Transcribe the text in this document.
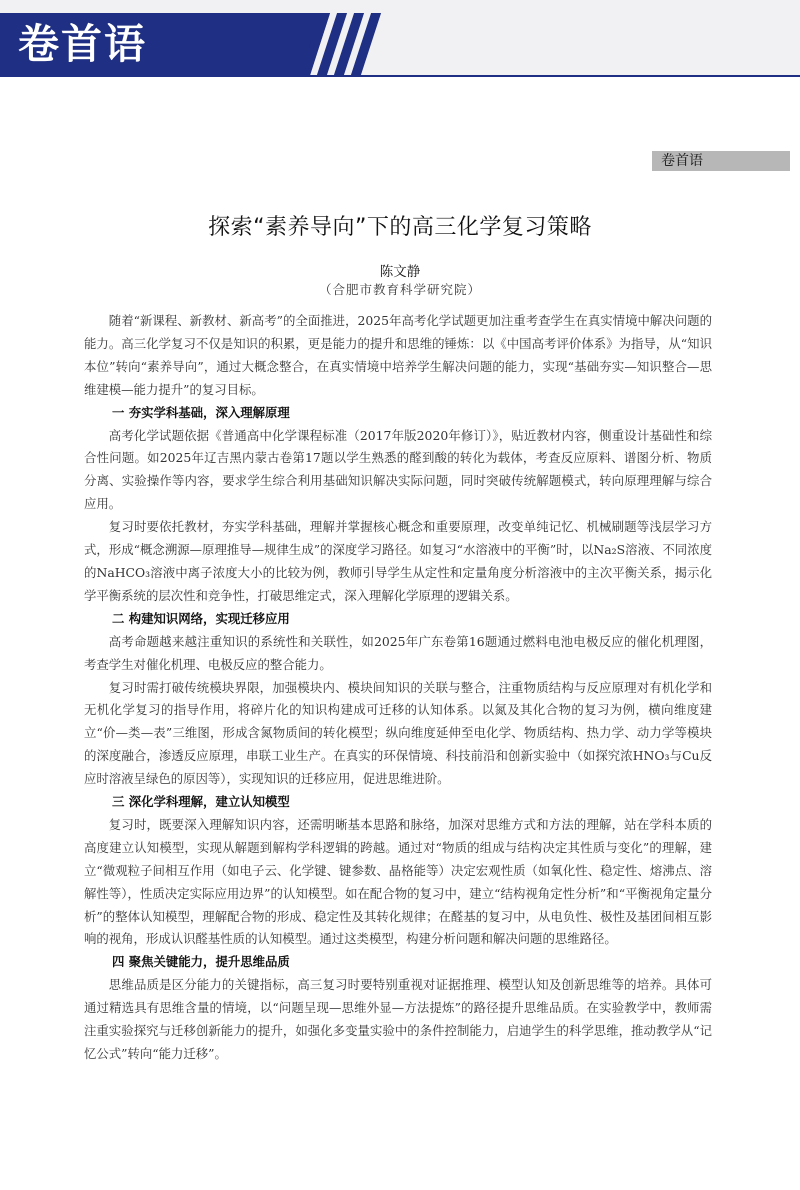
卷首语
卷首语
探索“素养导向”下的高三化学复习策略
陈文静
（合肥市教育科学研究院）

随着“新课程、新教材、新高考”的全面推进，2025年高考化学试题更加注重考查学生在真实情境中解决问题的能力。高三化学复习不仅是知识的积累，更是能力的提升和思维的锤炼：以《中国高考评价体系》为指导，从“知识本位”转向“素养导向”，通过大概念整合，在真实情境中培养学生解决问题的能力，实现“基础夯实—知识整合—思维建模—能力提升”的复习目标。

一 夯实学科基础，深入理解原理

高考化学试题依据《普通高中化学课程标准（2017年版2020年修订）》，贴近教材内容，侧重设计基础性和综合性问题。如2025年辽吉黑内蒙古卷第17题以学生熟悉的醛到酸的转化为载体，考查反应原料、谱图分析、物质分离、实验操作等内容，要求学生综合利用基础知识解决实际问题，同时突破传统解题模式，转向原理理解与综合应用。

复习时要依托教材，夯实学科基础，理解并掌握核心概念和重要原理，改变单纯记忆、机械刷题等浅层学习方式，形成“概念溯源—原理推导—规律生成”的深度学习路径。如复习“水溶液中的平衡”时，以Na₂S溶液、不同浓度的NaHCO₃溶液中离子浓度大小的比较为例，教师引导学生从定性和定量角度分析溶液中的主次平衡关系，揭示化学平衡系统的层次性和竞争性，打破思维定式，深入理解化学原理的逻辑关系。

二 构建知识网络，实现迁移应用

高考命题越来越注重知识的系统性和关联性，如2025年广东卷第16题通过燃料电池电极反应的催化机理图，考查学生对催化机理、电极反应的整合能力。

复习时需打破传统模块界限，加强模块内、模块间知识的关联与整合，注重物质结构与反应原理对有机化学和无机化学复习的指导作用，将碎片化的知识构建成可迁移的认知体系。以氮及其化合物的复习为例，横向维度建立“价—类—表”三维图，形成含氮物质间的转化模型；纵向维度延伸至电化学、物质结构、热力学、动力学等模块的深度融合，渗透反应原理，串联工业生产。在真实的环保情境、科技前沿和创新实验中（如探究浓HNO₃与Cu反应时溶液呈绿色的原因等），实现知识的迁移应用，促进思维进阶。

三 深化学科理解，建立认知模型

复习时，既要深入理解知识内容，还需明晰基本思路和脉络，加深对思维方式和方法的理解，站在学科本质的高度建立认知模型，实现从解题到解构学科逻辑的跨越。通过对“物质的组成与结构决定其性质与变化”的理解，建立“微观粒子间相互作用（如电子云、化学键、键参数、晶格能等）决定宏观性质（如氧化性、稳定性、熔沸点、溶解性等），性质决定实际应用边界”的认知模型。如在配合物的复习中，建立“结构视角定性分析”和“平衡视角定量分析”的整体认知模型，理解配合物的形成、稳定性及其转化规律；在醛基的复习中，从电负性、极性及基团间相互影响的视角，形成认识醛基性质的认知模型。通过这类模型，构建分析问题和解决问题的思维路径。

四 聚焦关键能力，提升思维品质

思维品质是区分能力的关键指标，高三复习时要特别重视对证据推理、模型认知及创新思维等的培养。具体可通过精选具有思维含量的情境，以“问题呈现—思维外显—方法提炼”的路径提升思维品质。在实验教学中，教师需注重实验探究与迁移创新能力的提升，如强化多变量实验中的条件控制能力，启迪学生的科学思维，推动教学从“记忆公式”转向“能力迁移”。
